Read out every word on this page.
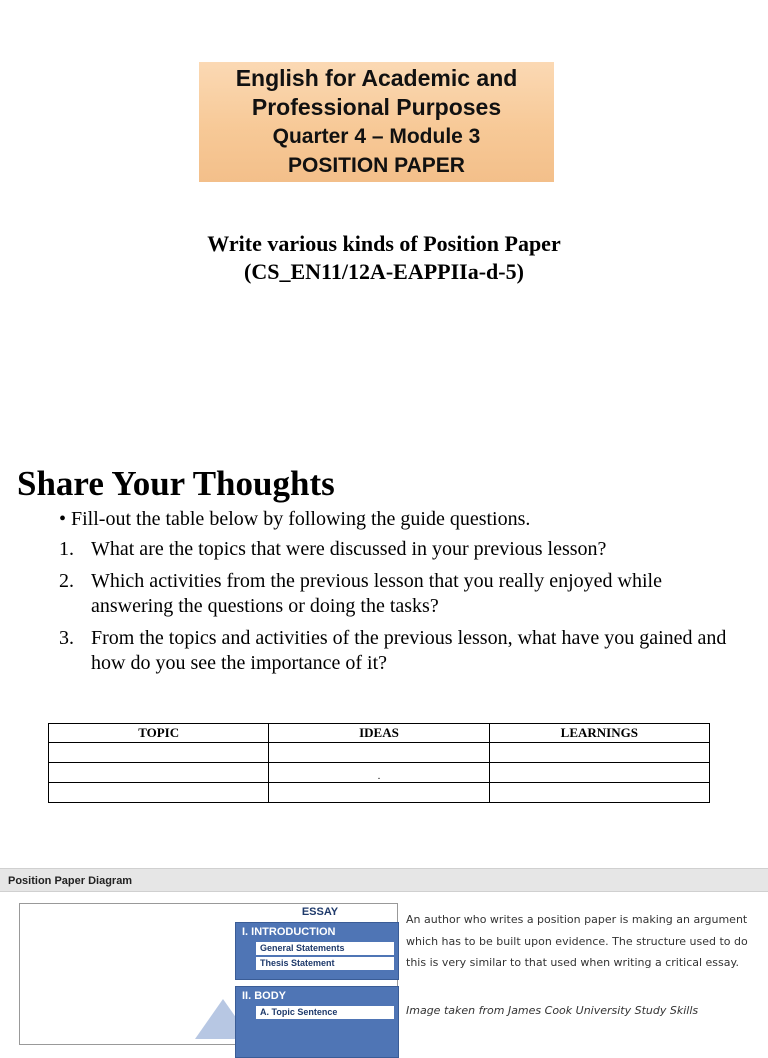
English for Academic and
Professional Purposes
Quarter 4 – Module 3
POSITION PAPER
Write various kinds of Position Paper
(CS_EN11/12A-EAPPIIa-d-5)
Share Your Thoughts
• Fill-out the table below by following the guide questions.
1. What are the topics that were discussed in your previous lesson?
2. Which activities from the previous lesson that you really enjoyed while answering the questions or doing the tasks?
3. From the topics and activities of the previous lesson, what have you gained and how do you see the importance of it?
TOPIC	IDEAS	LEARNINGS

	.	

Position Paper Diagram
ESSAY
I. INTRODUCTION
General Statements
Thesis Statement
II. BODY
A. Topic Sentence
An author who writes a position paper is making an argument which has to be built upon evidence. The structure used to do this is very similar to that used when writing a critical essay.
Image taken from James Cook University Study Skills
